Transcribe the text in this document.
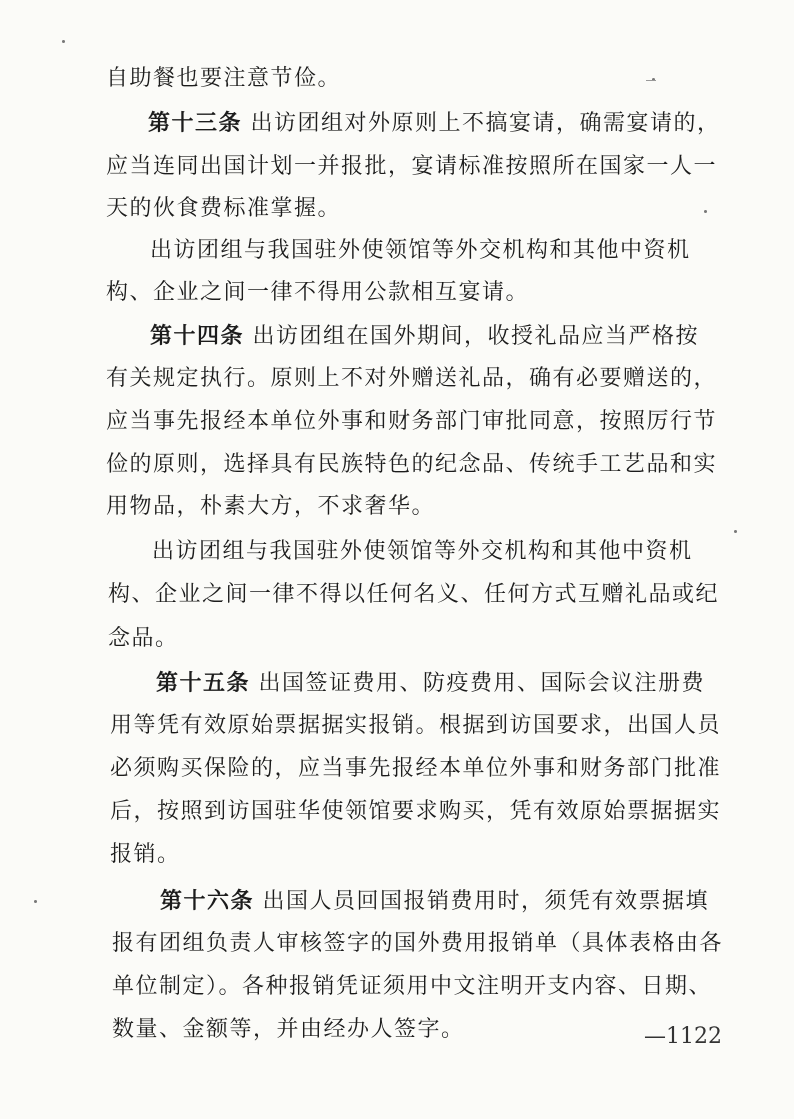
自助餐也要注意节俭。
第十三条 出访团组对外原则上不搞宴请，确需宴请的，
应当连同出国计划一并报批，宴请标准按照所在国家一人一
天的伙食费标准掌握。
出访团组与我国驻外使领馆等外交机构和其他中资机
构、企业之间一律不得用公款相互宴请。
第十四条 出访团组在国外期间，收授礼品应当严格按
有关规定执行。原则上不对外赠送礼品，确有必要赠送的，
应当事先报经本单位外事和财务部门审批同意，按照厉行节
俭的原则，选择具有民族特色的纪念品、传统手工艺品和实
用物品，朴素大方，不求奢华。
出访团组与我国驻外使领馆等外交机构和其他中资机
构、企业之间一律不得以任何名义、任何方式互赠礼品或纪
念品。
第十五条 出国签证费用、防疫费用、国际会议注册费
用等凭有效原始票据据实报销。根据到访国要求，出国人员
必须购买保险的，应当事先报经本单位外事和财务部门批准
后，按照到访国驻华使领馆要求购买，凭有效原始票据据实
报销。
第十六条 出国人员回国报销费用时，须凭有效票据填
报有团组负责人审核签字的国外费用报销单（具体表格由各
单位制定）。各种报销凭证须用中文注明开支内容、日期、
数量、金额等，并由经办人签字。	—1122
